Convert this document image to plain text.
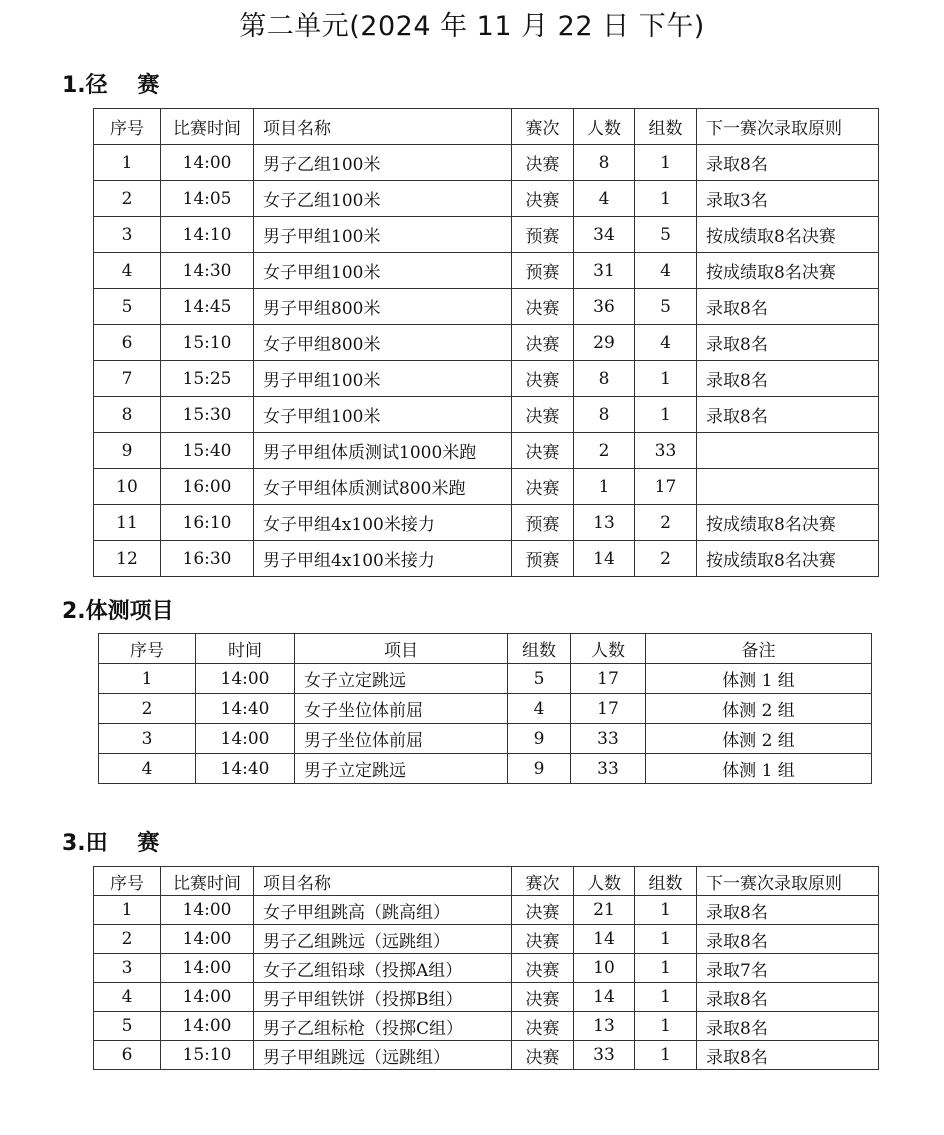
第二单元(2024 年 11 月 22 日 下午)
1.径　 赛
序号	比赛时间	项目名称	赛次	人数	组数	下一赛次录取原则
1	14:00	男子乙组100米	决赛	8	1	录取8名
2	14:05	女子乙组100米	决赛	4	1	录取3名
3	14:10	男子甲组100米	预赛	34	5	按成绩取8名决赛
4	14:30	女子甲组100米	预赛	31	4	按成绩取8名决赛
5	14:45	男子甲组800米	决赛	36	5	录取8名
6	15:10	女子甲组800米	决赛	29	4	录取8名
7	15:25	男子甲组100米	决赛	8	1	录取8名
8	15:30	女子甲组100米	决赛	8	1	录取8名
9	15:40	男子甲组体质测试1000米跑	决赛	2	33	
10	16:00	女子甲组体质测试800米跑	决赛	1	17	
11	16:10	女子甲组4x100米接力	预赛	13	2	按成绩取8名决赛
12	16:30	男子甲组4x100米接力	预赛	14	2	按成绩取8名决赛
2.体测项目
序号	时间	项目	组数	人数	备注
1	14:00	女子立定跳远	5	17	体测 1 组
2	14:40	女子坐位体前屈	4	17	体测 2 组
3	14:00	男子坐位体前屈	9	33	体测 2 组
4	14:40	男子立定跳远	9	33	体测 1 组
3.田　 赛
序号	比赛时间	项目名称	赛次	人数	组数	下一赛次录取原则
1	14:00	女子甲组跳高（跳高组）	决赛	21	1	录取8名
2	14:00	男子乙组跳远（远跳组）	决赛	14	1	录取8名
3	14:00	女子乙组铅球（投掷A组）	决赛	10	1	录取7名
4	14:00	男子甲组铁饼（投掷B组）	决赛	14	1	录取8名
5	14:00	男子乙组标枪（投掷C组）	决赛	13	1	录取8名
6	15:10	男子甲组跳远（远跳组）	决赛	33	1	录取8名
